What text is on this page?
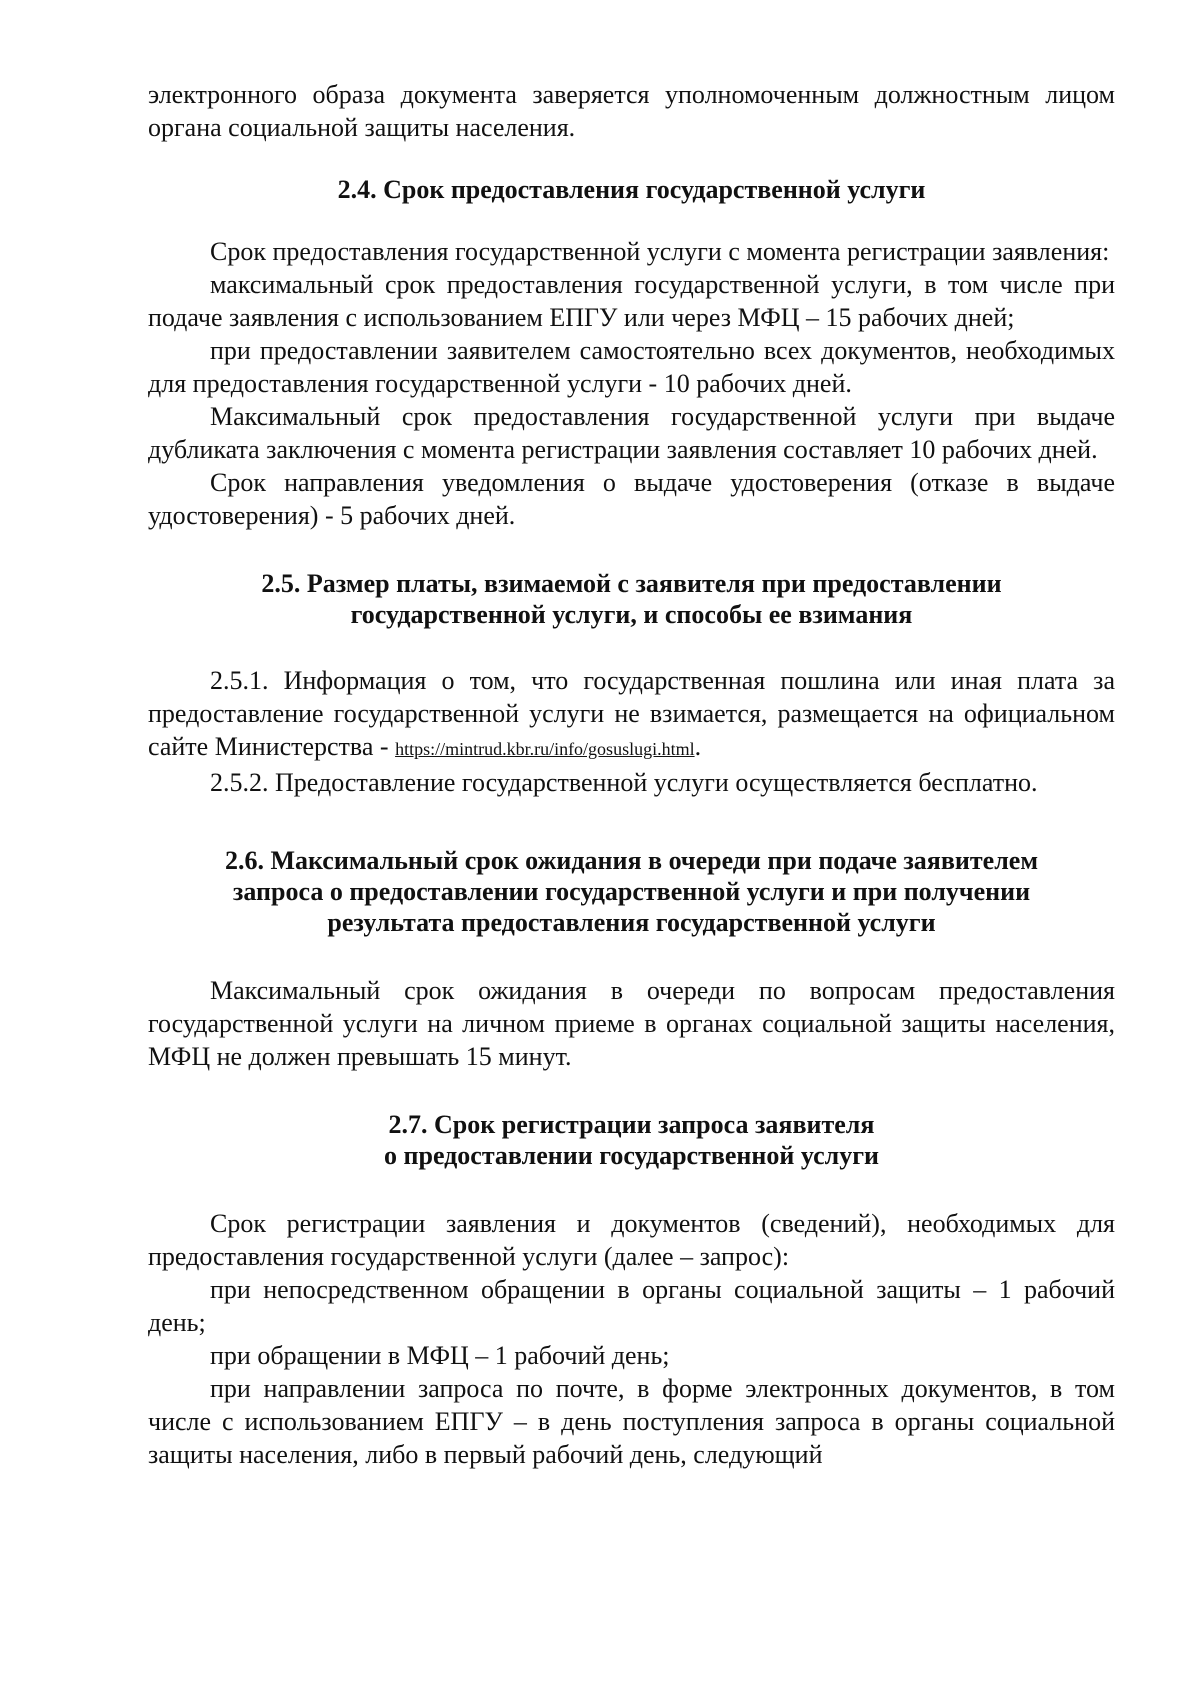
электронного образа документа заверяется уполномоченным должностным лицом органа социальной защиты населения.

2.4. Срок предоставления государственной услуги

Срок предоставления государственной услуги с момента регистрации заявления:

максимальный срок предоставления государственной услуги, в том числе при подаче заявления с использованием ЕПГУ или через МФЦ – 15 рабочих дней;

при предоставлении заявителем самостоятельно всех документов, необходимых для предоставления государственной услуги - 10 рабочих дней.

Максимальный срок предоставления государственной услуги при выдаче дубликата заключения с момента регистрации заявления составляет 10 рабочих дней.

Срок направления уведомления о выдаче удостоверения (отказе в выдаче удостоверения) - 5 рабочих дней.

2.5. Размер платы, взимаемой с заявителя при предоставлении
государственной услуги, и способы ее взимания

2.5.1. Информация о том, что государственная пошлина или иная плата за предоставление государственной услуги не взимается, размещается на официальном сайте Министерства - https://mintrud.kbr.ru/info/gosuslugi.html.

2.5.2. Предоставление государственной услуги осуществляется бесплатно.

2.6. Максимальный срок ожидания в очереди при подаче заявителем
запроса о предоставлении государственной услуги и при получении
результата предоставления государственной услуги

Максимальный срок ожидания в очереди по вопросам предоставления государственной услуги на личном приеме в органах социальной защиты населения, МФЦ не должен превышать 15 минут.

2.7. Срок регистрации запроса заявителя
о предоставлении государственной услуги

Срок регистрации заявления и документов (сведений), необходимых для предоставления государственной услуги (далее – запрос):

при непосредственном обращении в органы социальной защиты – 1 рабочий день;

при обращении в МФЦ – 1 рабочий день;

при направлении запроса по почте, в форме электронных документов, в том числе с использованием ЕПГУ – в день поступления запроса в органы социальной защиты населения, либо в первый рабочий день, следующий
